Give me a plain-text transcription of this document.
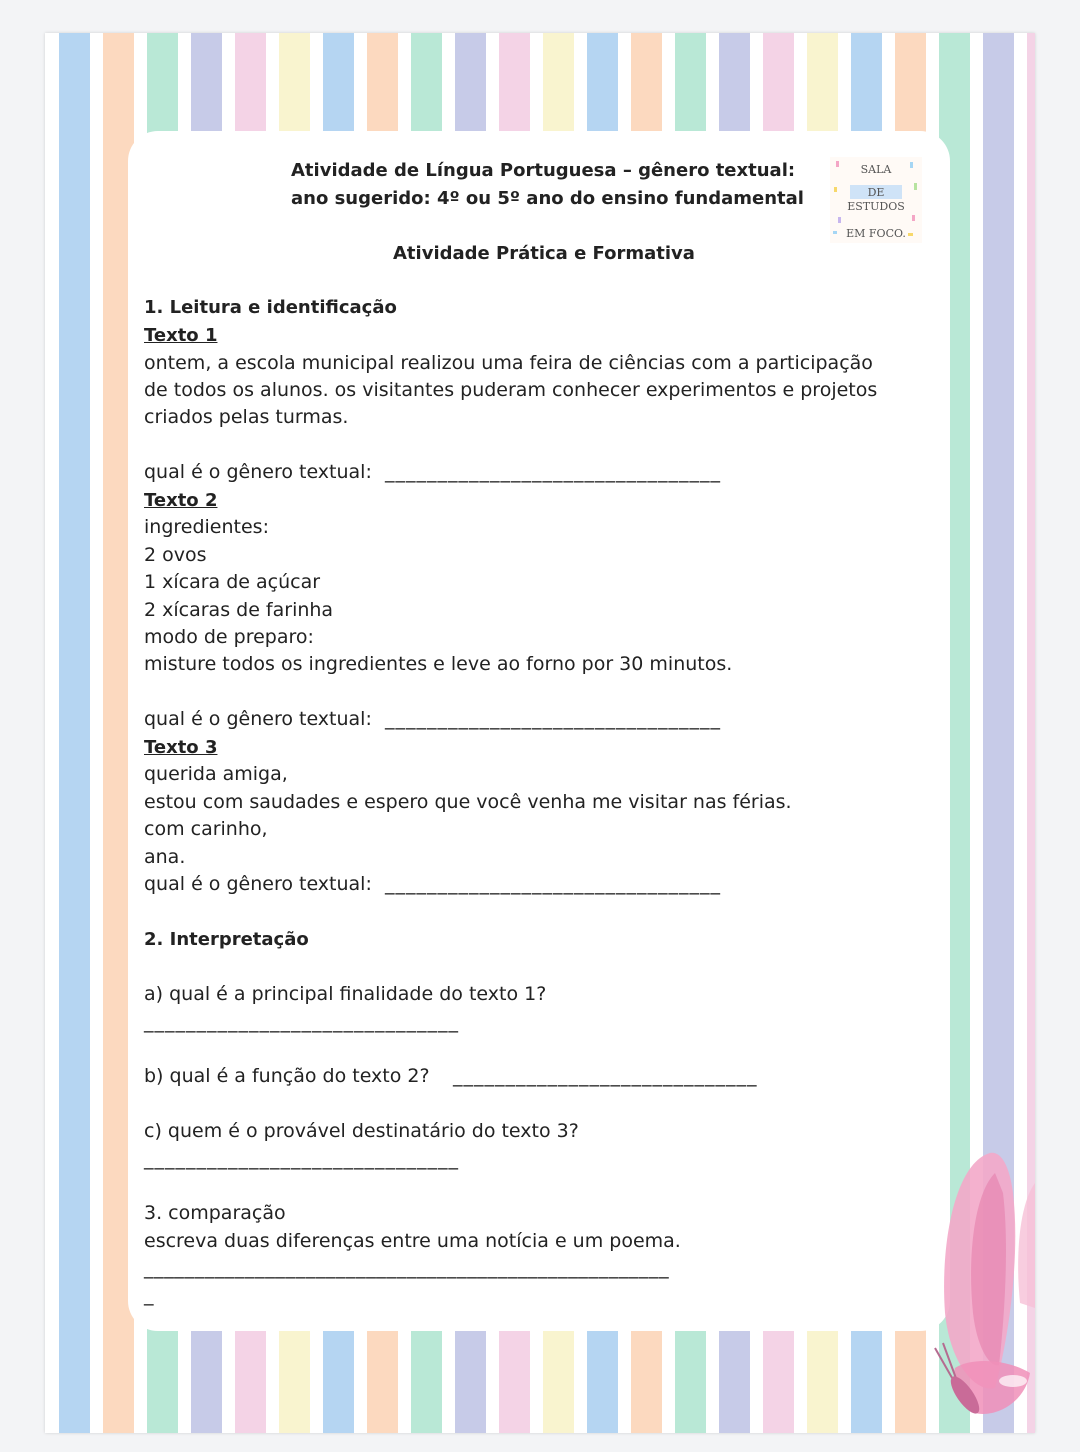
SALA
DE
ESTUDOS
EM FOCO.
Atividade de Língua Portuguesa – gênero textual:
ano sugerido: 4º ou 5º ano do ensino fundamental
Atividade Prática e Formativa
1. Leitura e identificação
Texto 1
ontem, a escola municipal realizou uma feira de ciências com a participação
de todos os alunos. os visitantes puderam conhecer experimentos e projetos
criados pelas turmas.
qual é o gênero textual: ________________________________
Texto 2
ingredientes:
2 ovos
1 xícara de açúcar
2 xícaras de farinha
modo de preparo:
misture todos os ingredientes e leve ao forno por 30 minutos.
qual é o gênero textual: ________________________________
Texto 3
querida amiga,
estou com saudades e espero que você venha me visitar nas férias.
com carinho,
ana.
qual é o gênero textual: ________________________________
2. Interpretação
a) qual é a principal finalidade do texto 1?
______________________________
b) qual é a função do texto 2? _____________________________
c) quem é o provável destinatário do texto 3?
______________________________
3. comparação
escreva duas diferenças entre uma notícia e um poema.
____________________________________________________
_
